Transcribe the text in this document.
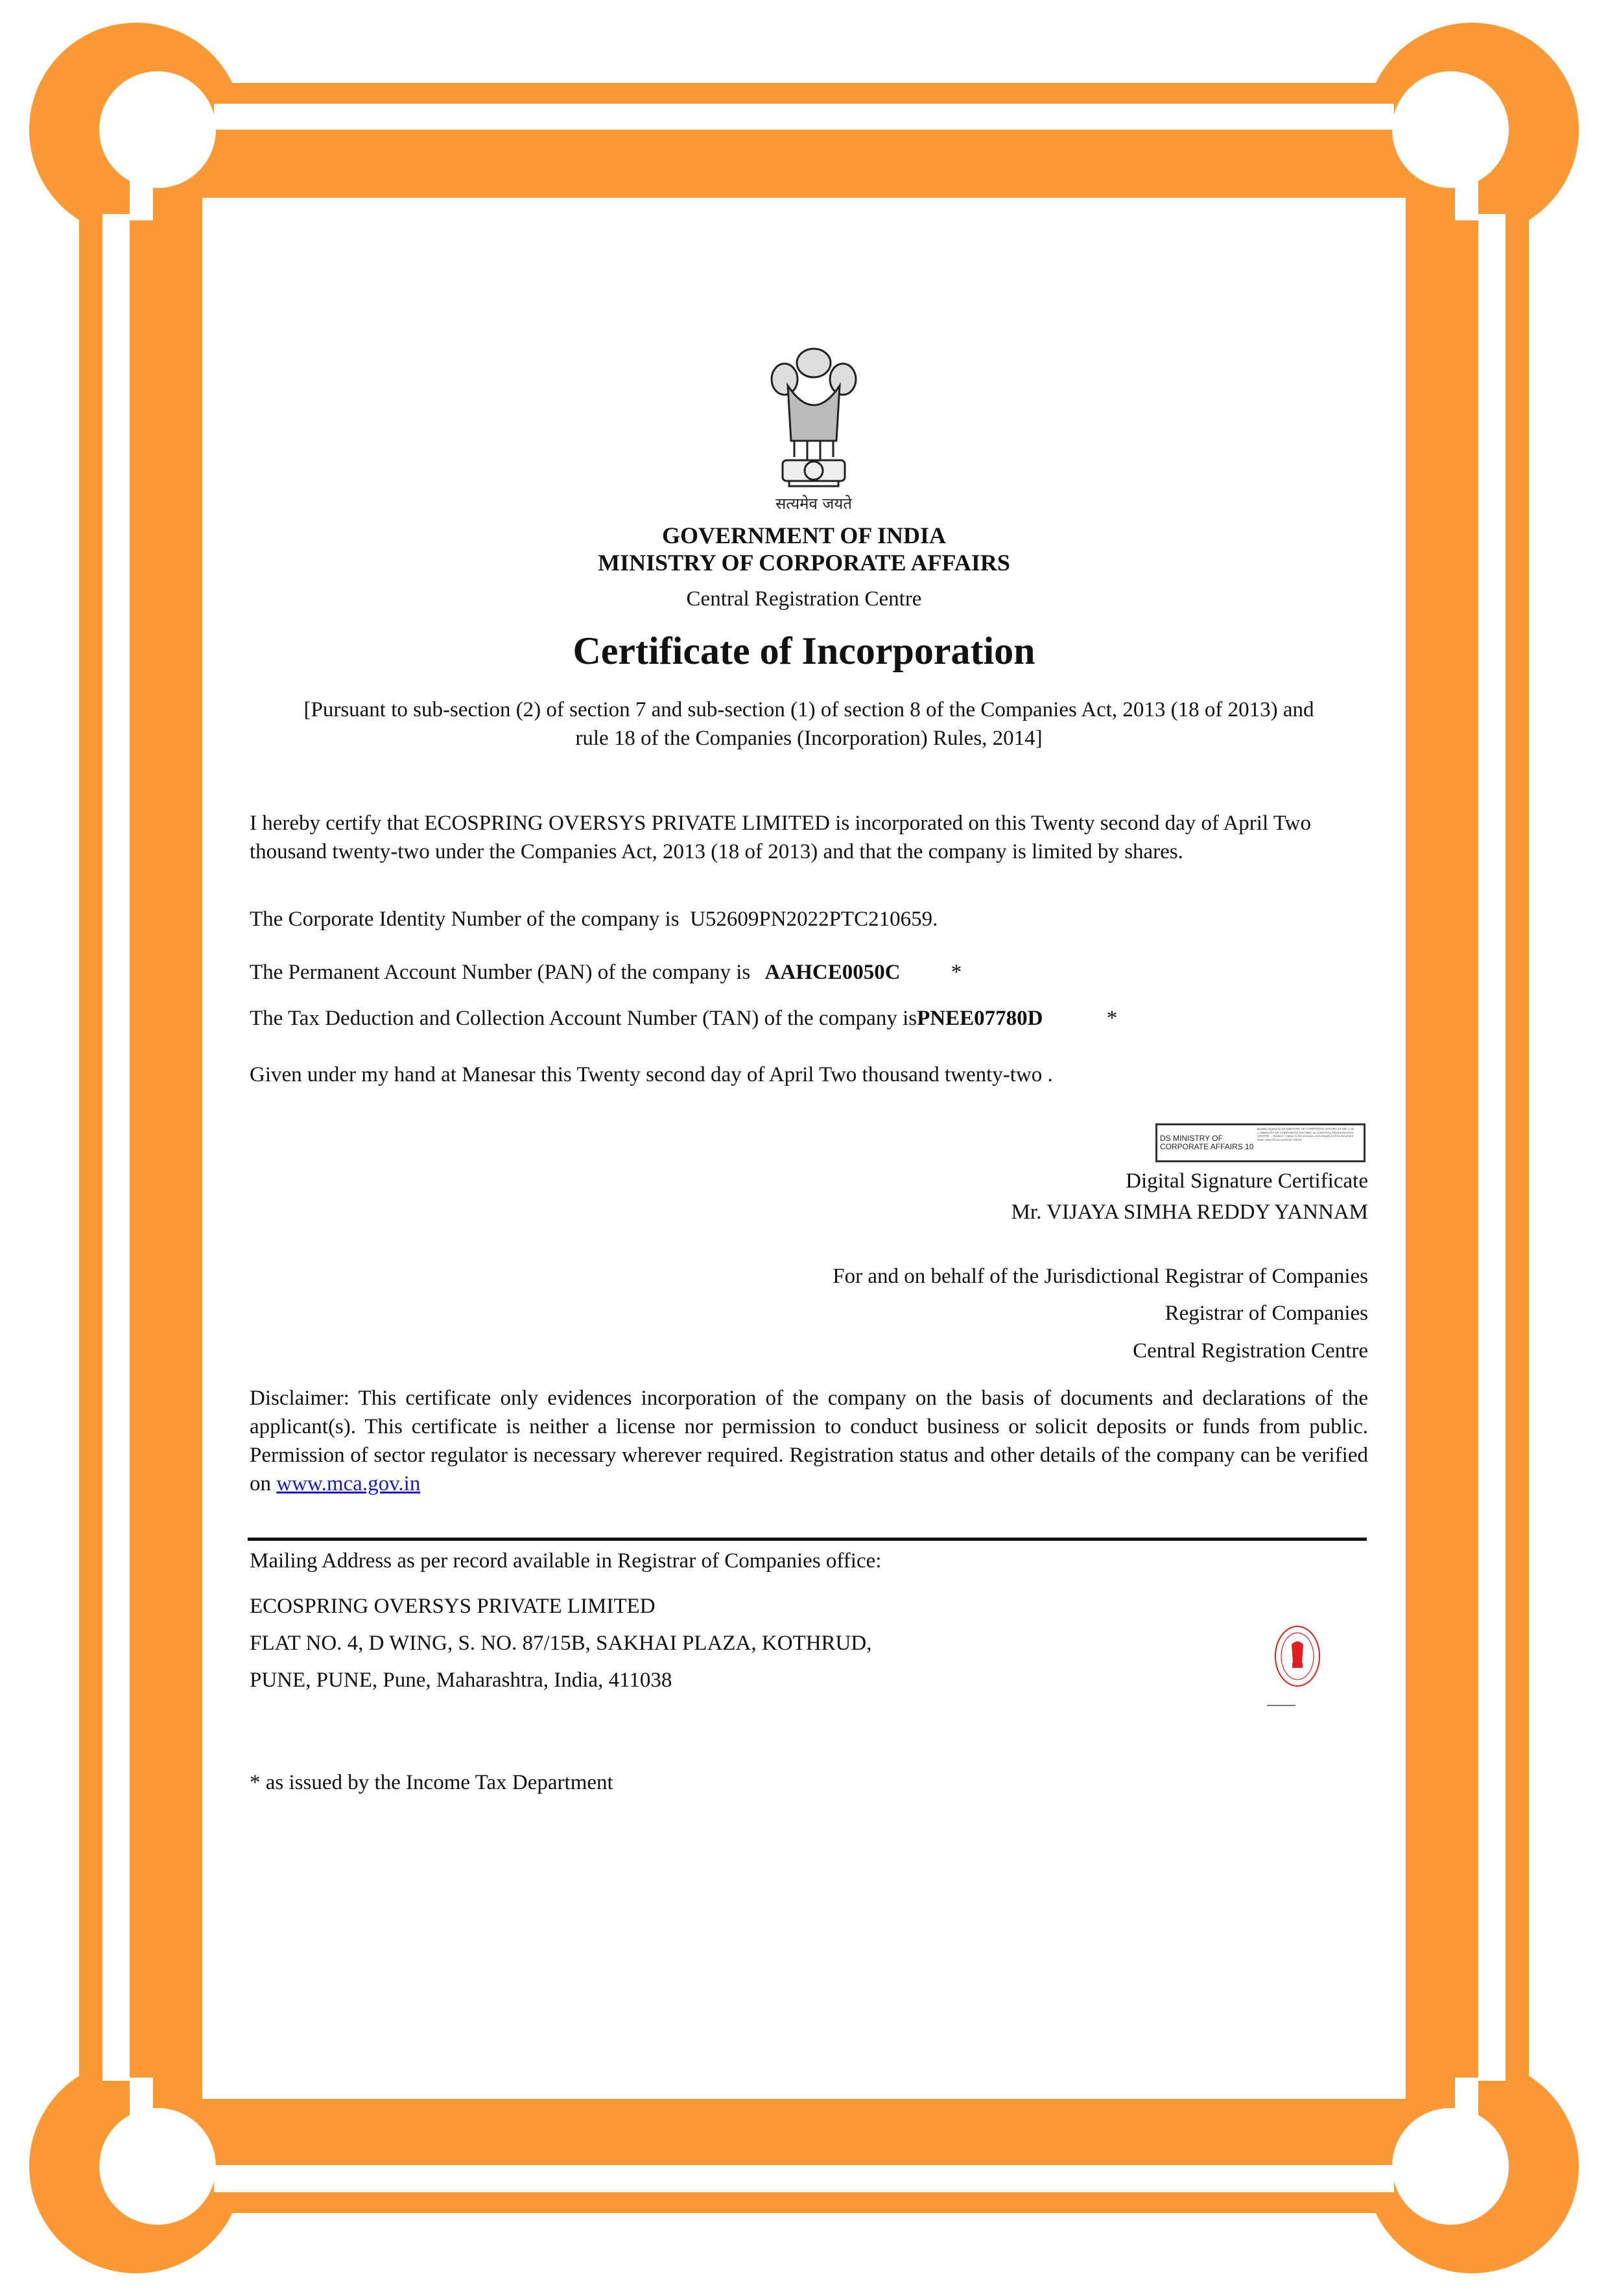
सत्यमेव जयते
GOVERNMENT OF INDIA
MINISTRY OF CORPORATE AFFAIRS
Central Registration Centre
Certificate of Incorporation
[Pursuant to sub-section (2) of section 7 and sub-section (1) of section 8 of the Companies Act, 2013 (18 of 2013) and
rule 18 of the Companies (Incorporation) Rules, 2014]
I hereby certify that ECOSPRING OVERSYS PRIVATE LIMITED is incorporated on this Twenty second day of April Two thousand twenty-two under the Companies Act, 2013 (18 of 2013) and that the company is limited by shares.
The Corporate Identity Number of the company is U52609PN2022PTC210659.
The Permanent Account Number (PAN) of the company is AAHCE0050C *
The Tax Deduction and Collection Account Number (TAN) of the company isPNEE07780D	*
Given under my hand at Manesar this Twenty second day of April Two thousand twenty-two .
DS MINISTRY OF CORPORATE AFFAIRS 10
Digitally signed by DS MINISTRY OF CORPORATE AFFAIRS 10 DN: c=IN, o=MINISTRY OF CORPORATE AFFAIRS, ou=CENTRAL REGISTRATION CENTRE ... Reason: I attest to the accuracy and integrity of this document Date: 2022.04.22 13:02:22 +05'30'
Digital Signature Certificate
Mr. VIJAYA SIMHA REDDY YANNAM
For and on behalf of the Jurisdictional Registrar of Companies
Registrar of Companies
Central Registration Centre
Disclaimer: This certificate only evidences incorporation of the company on the basis of documents and declarations of the applicant(s). This certificate is neither a license nor permission to conduct business or solicit deposits or funds from public. Permission of sector regulator is necessary wherever required. Registration status and other details of the company can be verified on www.mca.gov.in
Mailing Address as per record available in Registrar of Companies office:
ECOSPRING OVERSYS PRIVATE LIMITED
FLAT NO. 4, D WING, S. NO. 87/15B, SAKHAI PLAZA, KOTHRUD,
PUNE, PUNE, Pune, Maharashtra, India, 411038
* as issued by the Income Tax Department
